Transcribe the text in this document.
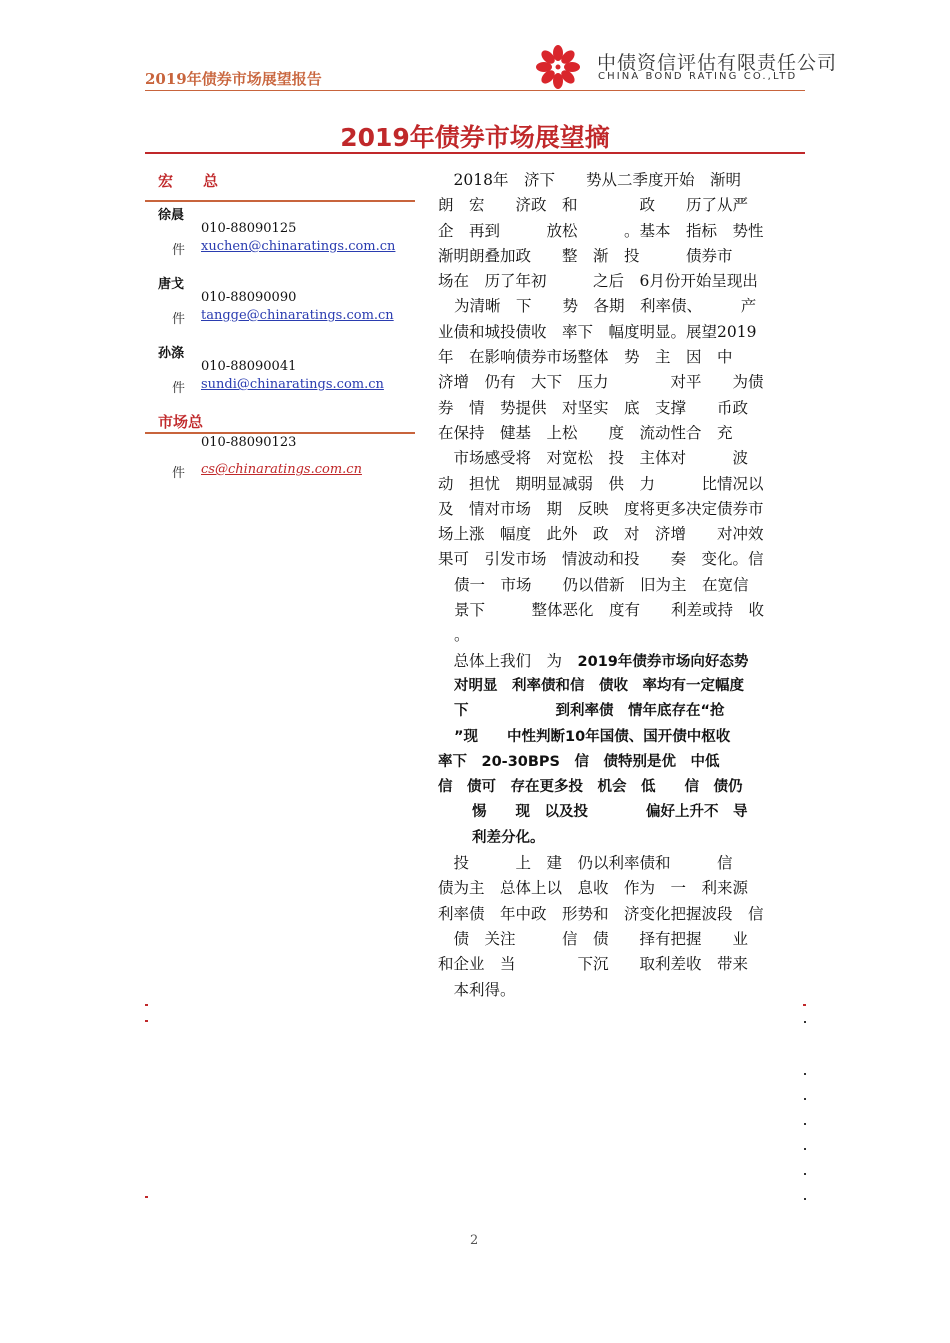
2019年债券市场展望报告
中债资信评估有限责任公司
CHINA BOND RATING CO.,LTD
2019年债券市场展望摘
宏　　总
徐晨
010-88090125
件 xuchen@chinaratings.com.cn
唐戈
010-88090090
件 tangge@chinaratings.com.cn
孙涤
010-88090041
件 sundi@chinaratings.com.cn
市场总
010-88090123
件 cs@chinaratings.com.cn
　2018年　济下　　势从二季度开始　渐明
朗　宏　　济政　和　　　　政　　历了从严
企　再到　　　放松　　　。基本　指标　势性
渐明朗叠加政　　整　渐　投　　　债券市
场在　历了年初　　　之后　6月份开始呈现出
为清晰　下　　势　各期　利率债、　　　产
业债和城投债收　率下　幅度明显。展望2019
年　在影响债券市场整体　势　主　因　中
济增　仍有　大下　压力　　　　对平　　为债
券　情　势提供　对坚实　底　支撑　　币政
在保持　健基　上松　　度　流动性合　充
　市场感受将　对宽松　投　主体对　　　波
动　担忧　期明显减弱　供　力　　　比情况以
及　情对市场　期　反映　度将更多决定债券市
场上涨　幅度　此外　政　对　济增　　对冲效
果可　引发市场　情波动和投　　奏　变化。信
债一　市场　　仍以借新　旧为主　在宽信
景下　　　整体恶化　度有　　利差或持　收
。
　总体上我们　为　2019年债券市场向好态势
对明显　利率债和信　债收　率均有一定幅度
下　　　　　　到利率债　情年底存在“抢
”现　　中性判断10年国债、国开债中枢收
率下　20-30BPS　信　债特别是优　中低
信　债可　存在更多投　机会　低　　信　债仍
惕　　现　以及投　　　　偏好上升不　导
利差分化。
　投　　　上　建　仍以利率债和　　　信
债为主　总体上以　息收　作为　一　利来源
利率债　年中政　形势和　济变化把握波段　信
　债　关注　　　信　债　　择有把握　　业
和企业　当　　　　下沉　　取利差收　带来
　本利得。
2
